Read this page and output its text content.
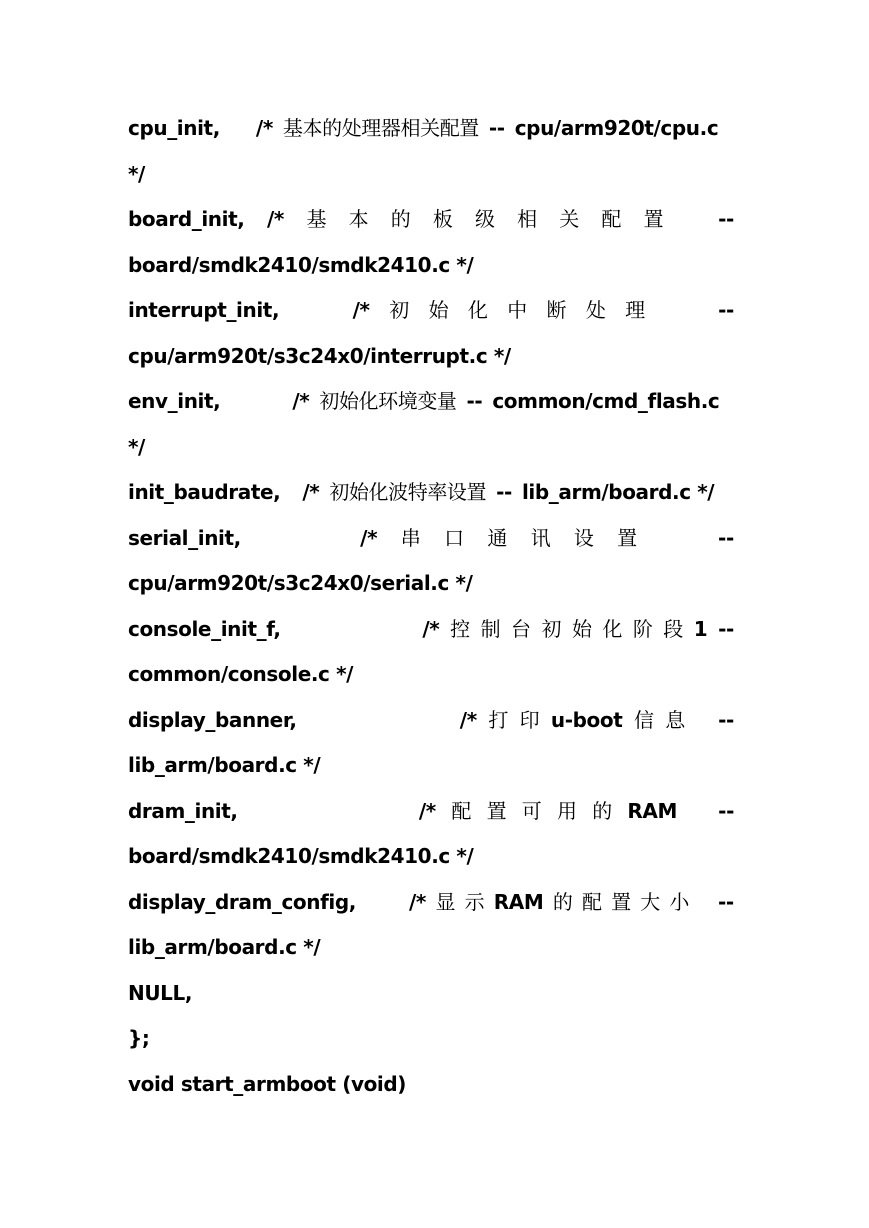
cpu_init, /* 基本的处理器相关配置 -- cpu/arm920t/cpu.c
*/
board_init, /* 基 本 的 板 级 相 关 配 置	--
board/smdk2410/smdk2410.c */
interrupt_init,	/* 初 始 化 中 断 处 理	--
cpu/arm920t/s3c24x0/interrupt.c */
env_init,	/* 初始化环境变量 -- common/cmd_flash.c
*/
init_baudrate, /* 初始化波特率设置 -- lib_arm/board.c */
serial_init,	/* 串 口 通 讯 设 置	--
cpu/arm920t/s3c24x0/serial.c */
console_init_f,	/* 控 制 台 初 始 化 阶 段 1 --
common/console.c */
display_banner,	/* 打 印 u-boot 信 息 --
lib_arm/board.c */
dram_init,	/* 配 置 可 用 的 RAM --
board/smdk2410/smdk2410.c */
display_dram_config,	/* 显 示 RAM 的 配 置 大 小 --
lib_arm/board.c */
NULL,
};
void start_armboot (void)
